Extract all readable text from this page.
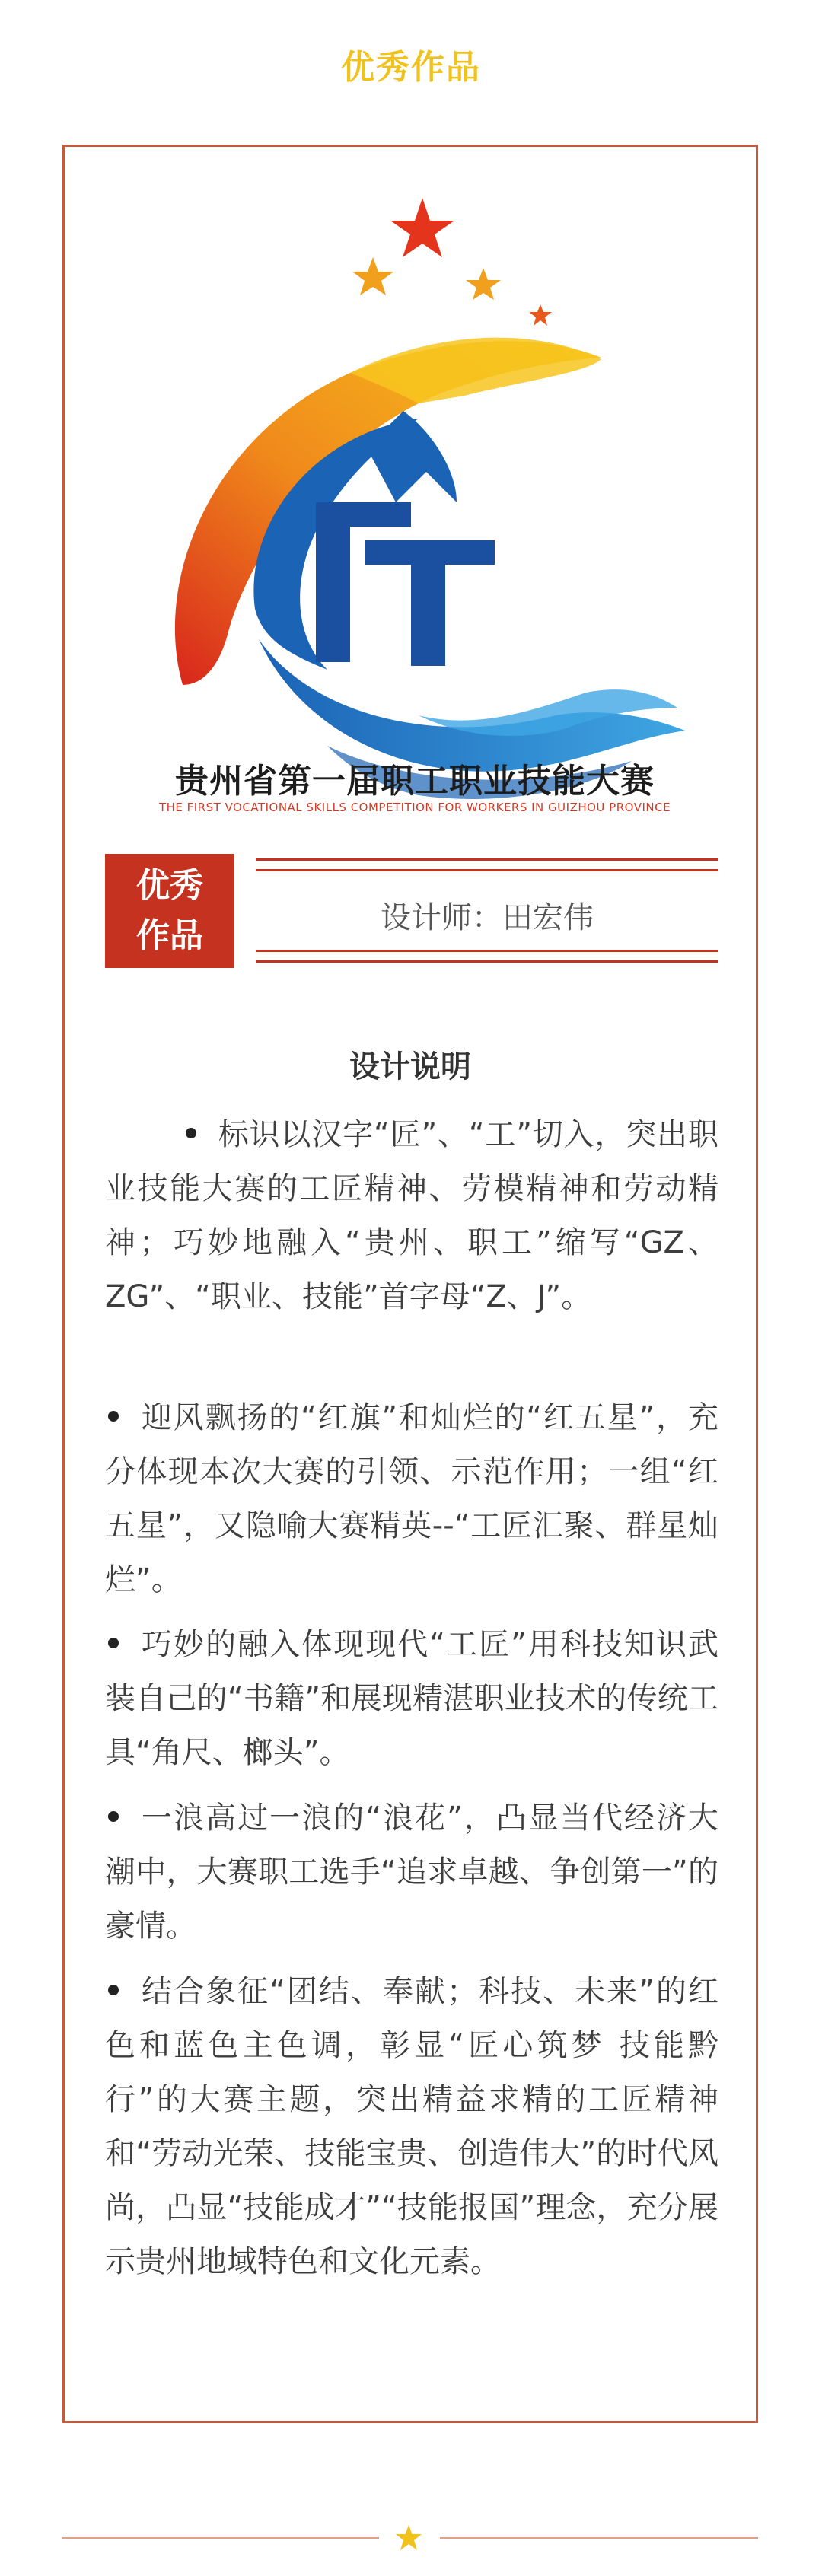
优秀作品
贵州省第一届职工职业技能大赛
THE FIRST VOCATIONAL SKILLS COMPETITION FOR WORKERS IN GUIZHOU PROVINCE
优秀
作品	设计师：田宏伟
设计说明
标识以汉字“匠”、“工”切入，突出职业技能大赛的工匠精神、劳模精神和劳动精神；巧妙地融入“贵州、职工”缩写“GZ、ZG”、“职业、技能”首字母“Z、J”。
迎风飘扬的“红旗”和灿烂的“红五星”，充分体现本次大赛的引领、示范作用；一组“红五星”，又隐喻大赛精英--“工匠汇聚、群星灿烂”。
巧妙的融入体现现代“工匠”用科技知识武装自己的“书籍”和展现精湛职业技术的传统工具“角尺、榔头”。
一浪高过一浪的“浪花”，凸显当代经济大潮中，大赛职工选手“追求卓越、争创第一”的豪情。
结合象征“团结、奉献；科技、未来”的红色和蓝色主色调，彰显“匠心筑梦 技能黔行”的大赛主题，突出精益求精的工匠精神和“劳动光荣、技能宝贵、创造伟大”的时代风尚，凸显“技能成才”“技能报国”理念，充分展示贵州地域特色和文化元素。
